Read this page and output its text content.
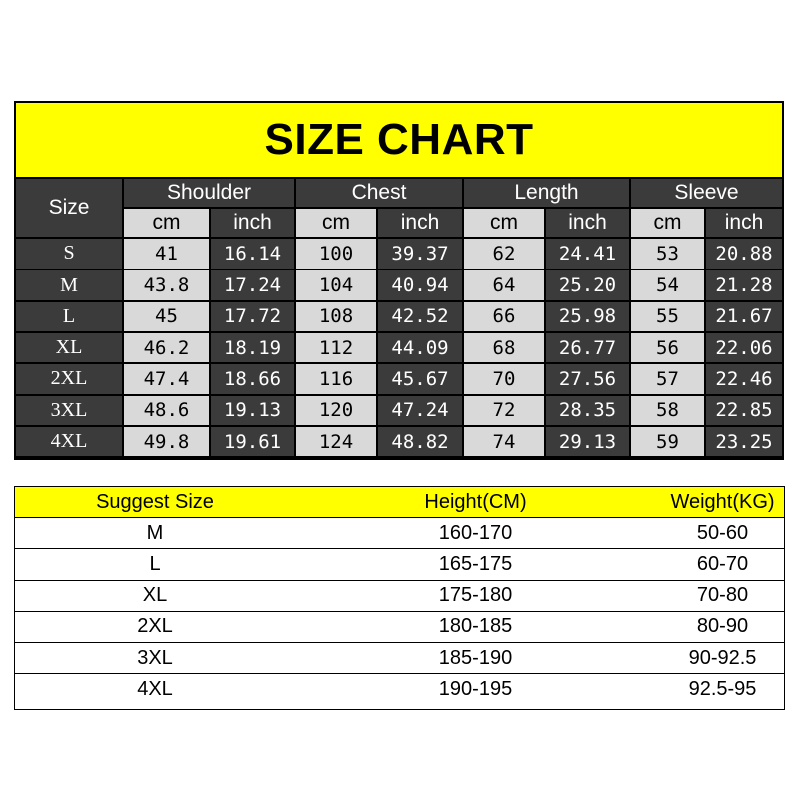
SIZE CHART
Size
Shoulder
cm	inch
Chest
cm	inch
Length
cm	inch
Sleeve
cm	inch
S	41	16.14	100	39.37	62	24.41	53	20.88
M	43.8	17.24	104	40.94	64	25.20	54	21.28
L	45	17.72	108	42.52	66	25.98	55	21.67
XL	46.2	18.19	112	44.09	68	26.77	56	22.06
2XL	47.4	18.66	116	45.67	70	27.56	57	22.46
3XL	48.6	19.13	120	47.24	72	28.35	58	22.85
4XL	49.8	19.61	124	48.82	74	29.13	59	23.25
Suggest Size	Height(CM)	Weight(KG)
M	160-170	50-60
L	165-175	60-70
XL	175-180	70-80
2XL	180-185	80-90
3XL	185-190	90-92.5
4XL	190-195	92.5-95
